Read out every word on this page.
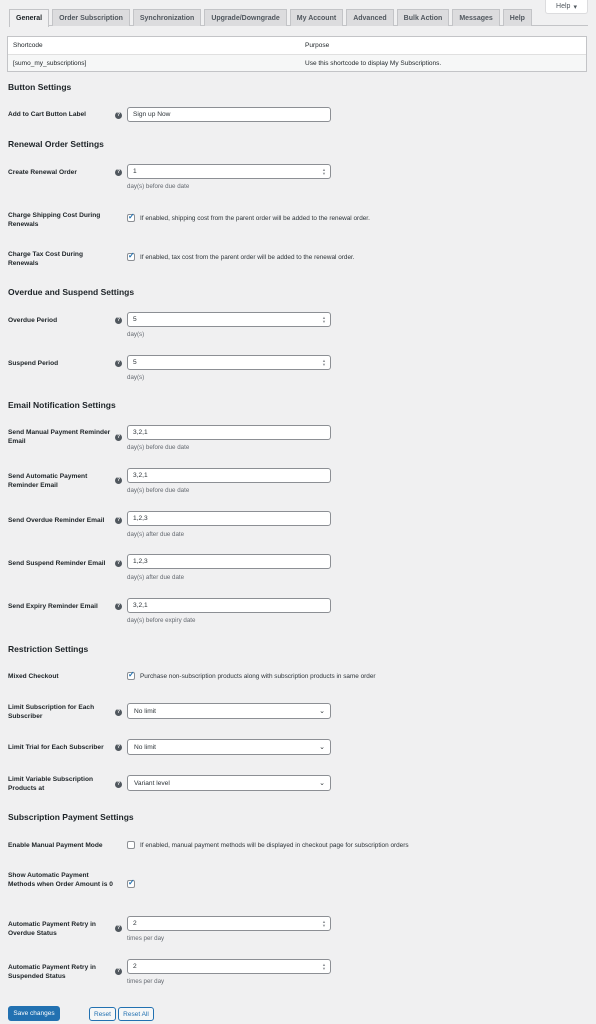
Help ▾
General	Order Subscription	Synchronization	Upgrade/Downgrade	My Account	Advanced	Bulk Action	Messages	Help
Shortcode	Purpose
[sumo_my_subscriptions]	Use this shortcode to display My Subscriptions.
Button Settings
Add to Cart Button Label	? Sign up Now
Renewal Order Settings
Create Renewal Order	? 1	▲
▼
day(s) before due date
Charge Shipping Cost During Renewals
✓
If enabled, shipping cost from the parent order will be added to the renewal order.
Charge Tax Cost During Renewals
✓
If enabled, tax cost from the parent order will be added to the renewal order.
Overdue and Suspend Settings
Overdue Period	? 5	▲
▼
day(s)
Suspend Period	? 5	▲
▼
day(s)
Email Notification Settings
Send Manual Payment Reminder Email
?
3,2,1
day(s) before due date
Send Automatic Payment Reminder Email
?
3,2,1
day(s) before due date
Send Overdue Reminder Email	? 1,2,3
day(s) after due date
Send Suspend Reminder Email	? 1,2,3
day(s) after due date
Send Expiry Reminder Email	? 3,2,1
day(s) before expiry date
Restriction Settings
Mixed Checkout
✓	Purchase non-subscription products along with subscription products in same order
Limit Subscription for Each Subscriber
? No limit	⌄
Limit Trial for Each Subscriber	? No limit	⌄
Limit Variable Subscription Products at
? Variant level	⌄
Subscription Payment Settings
Enable Manual Payment Mode	If enabled, manual payment methods will be displayed in checkout page for subscription orders
Show Automatic Payment Methods when Order Amount is 0
✓
Automatic Payment Retry in Overdue Status
?
2	▲
▼
times per day
Automatic Payment Retry in Suspended Status
?
2	▲
▼
times per day
Save changes	Reset	Reset All
